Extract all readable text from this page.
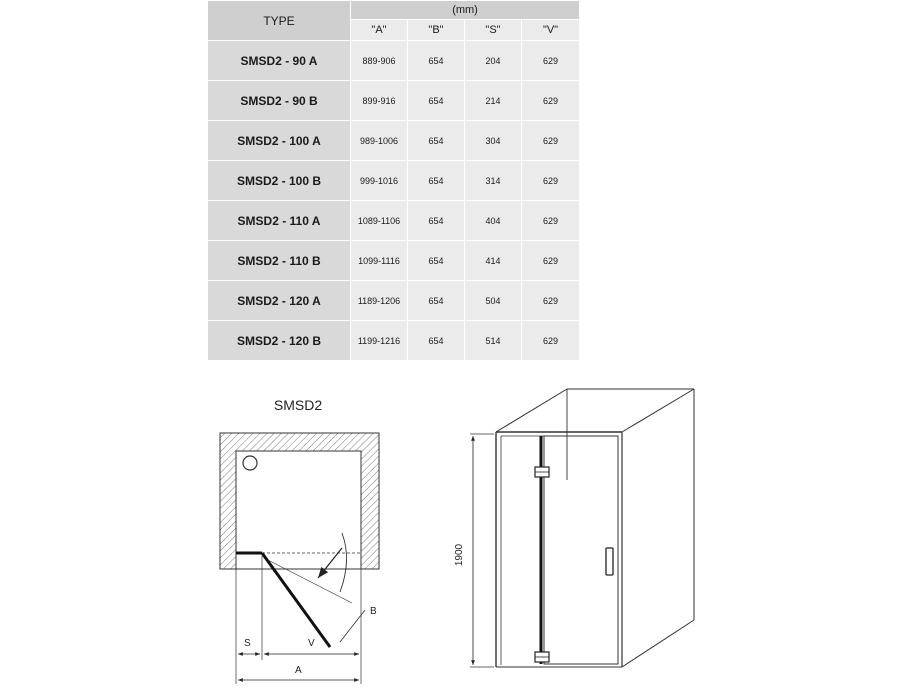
TYPE	(mm)			
	"A"	"B"	"S"	"V"
SMSD2 - 90 A	889-906	654	204	629
SMSD2 - 90 B	899-916	654	214	629
SMSD2 - 100 A	989-1006	654	304	629
SMSD2 - 100 B	999-1016	654	314	629
SMSD2 - 110 A	1089-1106	654	404	629
SMSD2 - 110 B	1099-1116	654	414	629
SMSD2 - 120 A	1189-1206	654	504	629
SMSD2 - 120 B	1199-1216	654	514	629
SMSD2
B
S	V
A
1900
